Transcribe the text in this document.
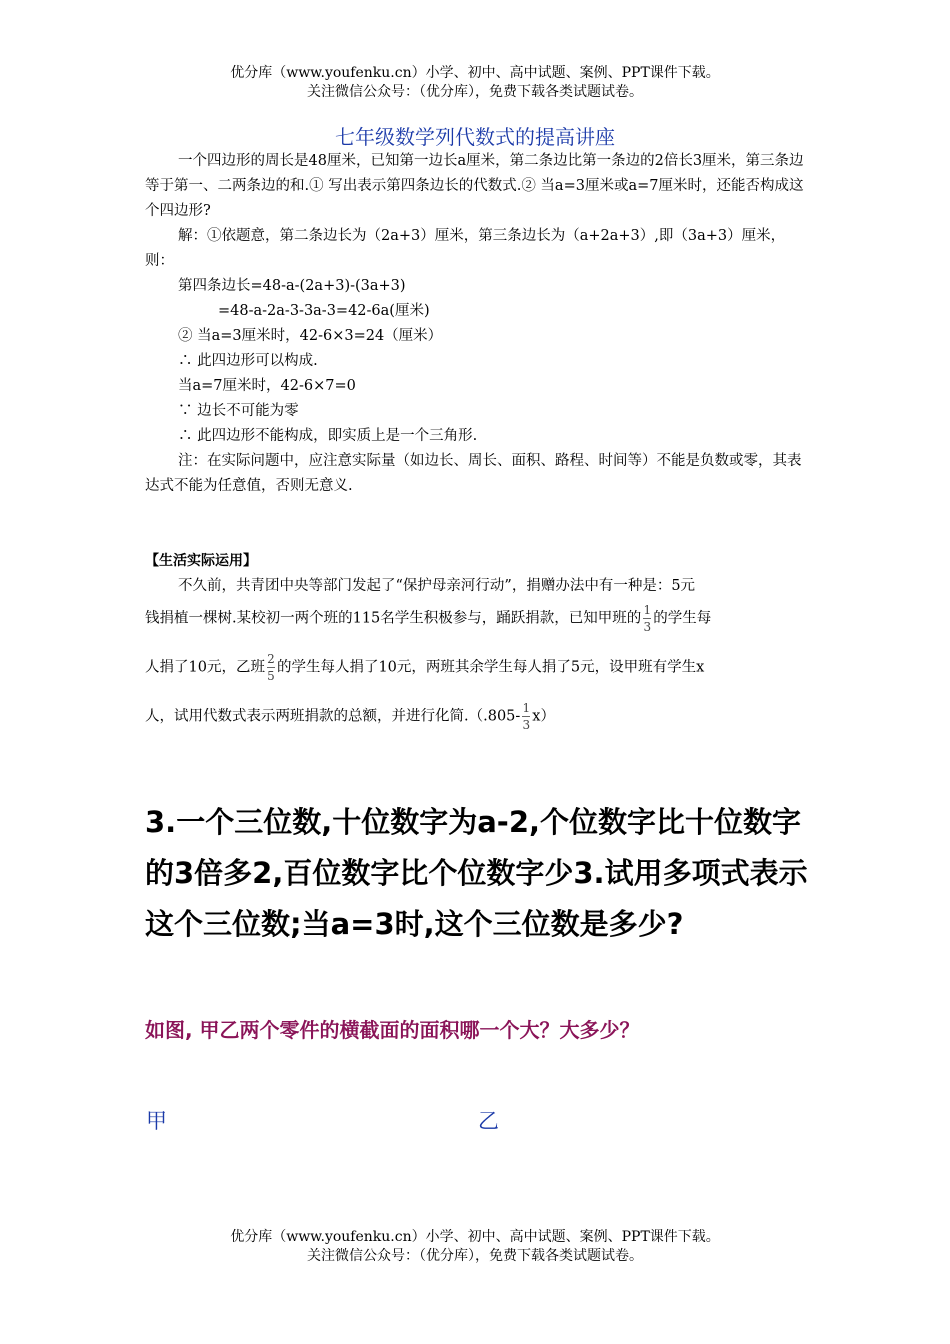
优分库（www.youfenku.cn）小学、初中、高中试题、案例、PPT课件下载。
关注微信公众号：（优分库），免费下载各类试题试卷。
七年级数学列代数式的提高讲座
一个四边形的周长是48厘米，已知第一边长a厘米，第二条边比第一条边的2倍长3厘米，第三条边等于第一、二两条边的和.① 写出表示第四条边长的代数式.② 当a=3厘米或a=7厘米时，还能否构成这个四边形?
解：①依题意，第二条边长为（2a+3）厘米，第三条边长为（a+2a+3）,即（3a+3）厘米，则：
第四条边长=48-a-(2a+3)-(3a+3)
=48-a-2a-3-3a-3=42-6a(厘米)
② 当a=3厘米时，42-6×3=24（厘米）
∴ 此四边形可以构成.
当a=7厘米时，42-6×7=0
∵ 边长不可能为零
∴ 此四边形不能构成，即实质上是一个三角形.
注：在实际问题中，应注意实际量（如边长、周长、面积、路程、时间等）不能是负数或零，其表达式不能为任意值，否则无意义.
【生活实际运用】
不久前，共青团中央等部门发起了“保护母亲河行动”，捐赠办法中有一种是：5元
钱捐植一棵树.某校初一两个班的115名学生积极参与，踊跃捐款，已知甲班的 $\frac{1}{3}$ 的学生每
人捐了10元，乙班 $\frac{2}{5}$ 的学生每人捐了10元，两班其余学生每人捐了5元，设甲班有学生x
人，试用代数式表示两班捐款的总额，并进行化简$.(.805- \frac{1}{3} x)$
3.一个三位数,十位数字为a-2,个位数字比十位数字的3倍多2,百位数字比个位数字少3.试用多项式表示这个三位数;当a=3时,这个三位数是多少?
如图, 甲乙两个零件的横截面的面积哪一个大？大多少？
甲	乙
优分库（www.youfenku.cn）小学、初中、高中试题、案例、PPT课件下载。
关注微信公众号：（优分库），免费下载各类试题试卷。
